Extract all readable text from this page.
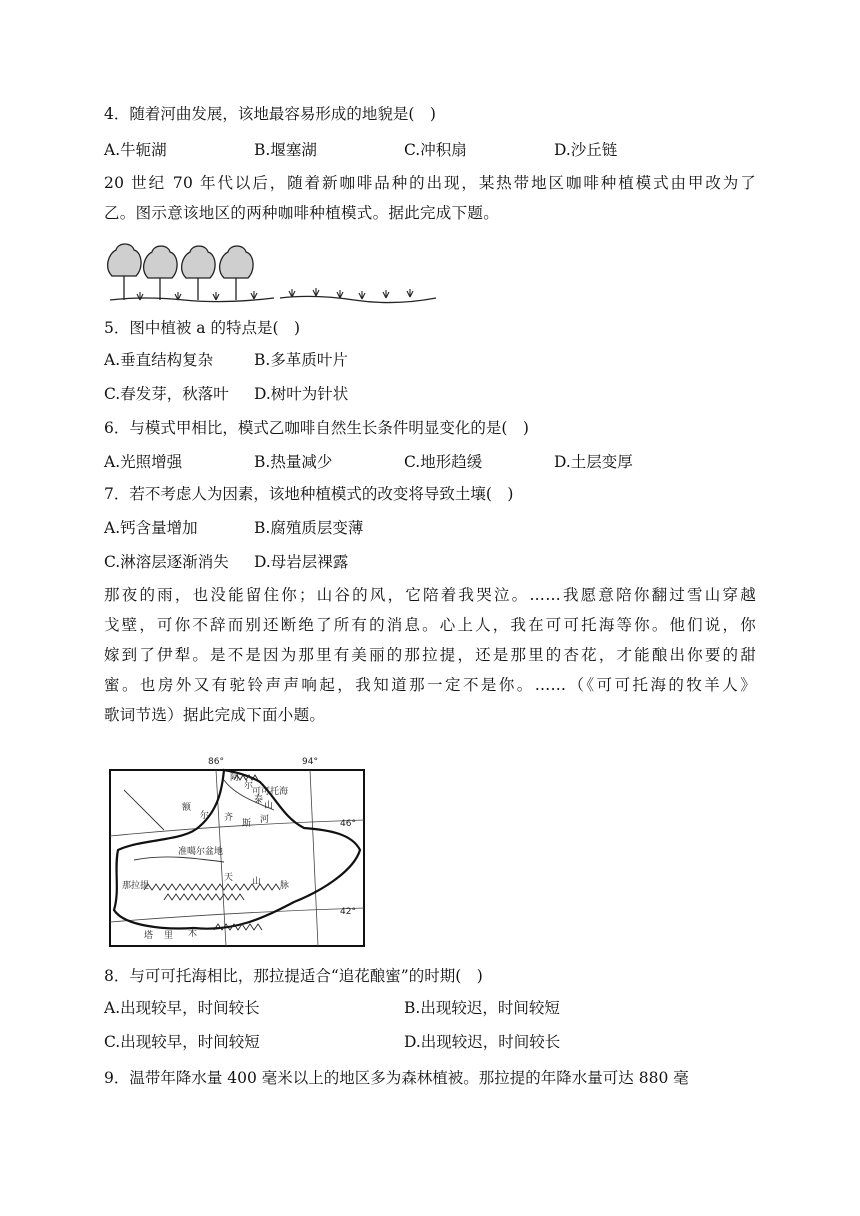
4．随着河曲发展，该地最容易形成的地貌是(　)
A.牛轭湖	B.堰塞湖	C.冲积扇	D.沙丘链
20 世纪 70 年代以后，随着新咖啡品种的出现，某热带地区咖啡种植模式由甲改为了
乙。图示意该地区的两种咖啡种植模式。据此完成下题。
5．图中植被 a 的特点是(　)
A.垂直结构复杂	B.多革质叶片
C.春发芽，秋落叶 D.树叶为针状
6．与模式甲相比，模式乙咖啡自然生长条件明显变化的是(　)
A.光照增强	B.热量减少	C.地形趋缓	D.土层变厚
7．若不考虑人为因素，该地种植模式的改变将导致土壤(　)
A.钙含量增加	B.腐殖质层变薄
C.淋溶层逐渐消失 D.母岩层裸露
那夜的雨，也没能留住你；山谷的风，它陪着我哭泣。……我愿意陪你翻过雪山穿越
戈壁，可你不辞而别还断绝了所有的消息。心上人，我在可可托海等你。他们说，你
嫁到了伊犁。是不是因为那里有美丽的那拉提，还是那里的杏花，才能酿出你要的甜
蜜。也房外又有驼铃声声响起，我知道那一定不是你。……（《可可托海的牧羊人》
歌词节选）据此完成下面小题。
86°	94°
46°
42°
可可托海
准噶尔盆地
那拉提
额
尔 齐
斯 河
阿
尔
泰
山
天 山 脉
塔 里 木
8．与可可托海相比，那拉提适合“追花酿蜜”的时期(　)
A.出现较早，时间较长	B.出现较迟，时间较短
C.出现较早，时间较短	D.出现较迟，时间较长
9．温带年降水量 400 毫米以上的地区多为森林植被。那拉提的年降水量可达 880 毫
